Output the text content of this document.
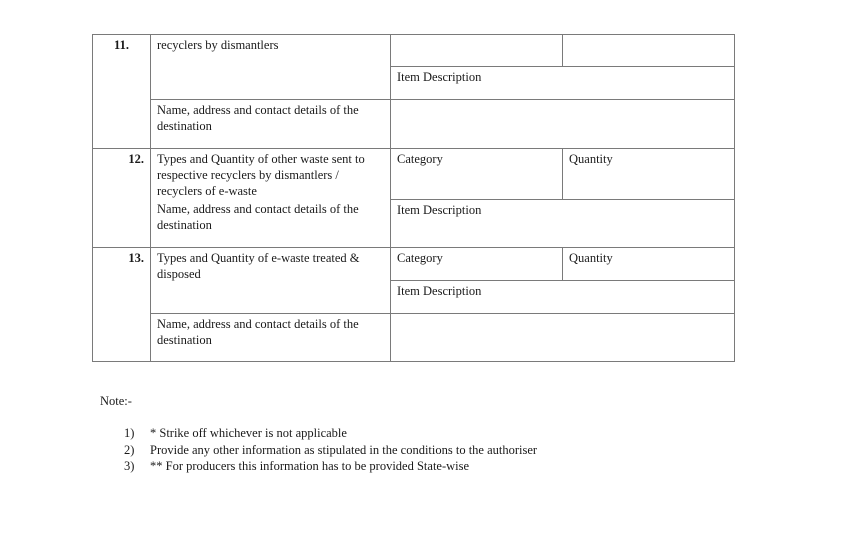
11.	recyclers by dismantlers		
		Item Description	
	Name, address and contact details of the destination		
12.	Types and Quantity of other waste sent to respective recyclers by dismantlers / recyclers of e-waste	Category	Quantity
	Name, address and contact details of the destination	Item Description	
13.	Types and Quantity of e-waste treated & disposed	Category	Quantity
		Item Description	
	Name, address and contact details of the destination		
Note:-
1) * Strike off whichever is not applicable
2) Provide any other information as stipulated in the conditions to the authoriser
3) ** For producers this information has to be provided State-wise
